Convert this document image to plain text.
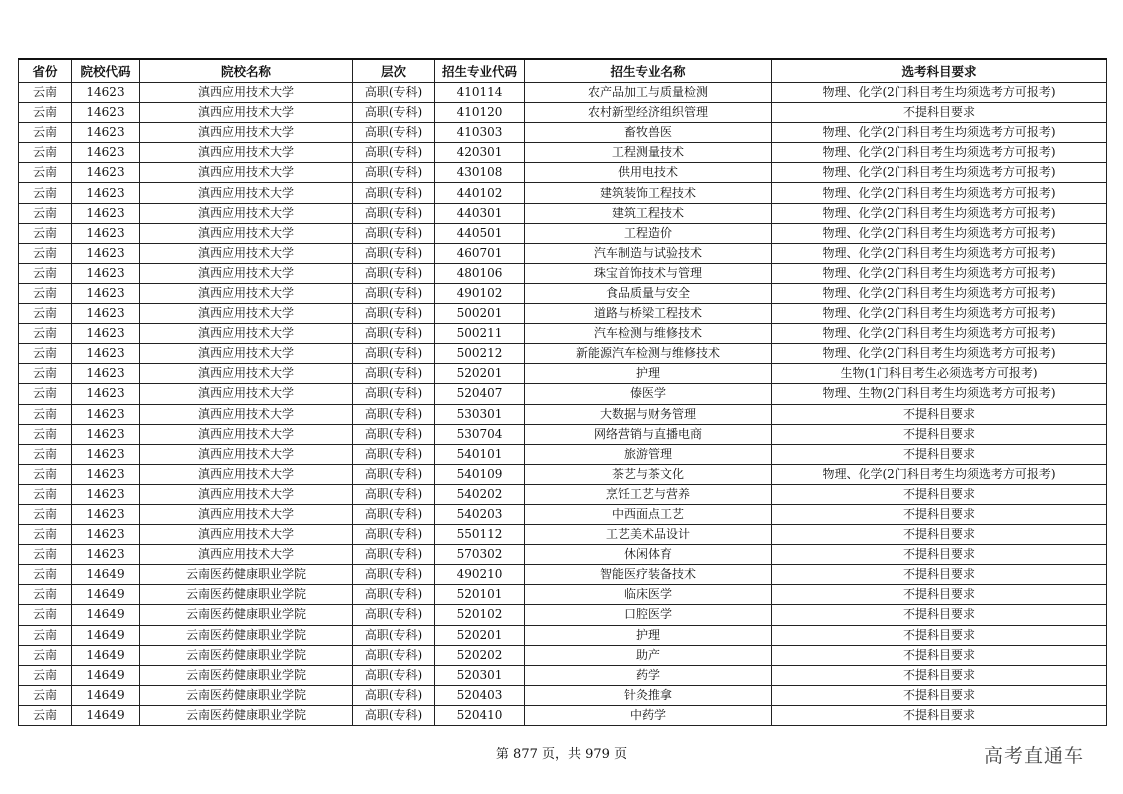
省份	院校代码	院校名称	层次	招生专业代码	招生专业名称	选考科目要求
云南	14623	滇西应用技术大学	高职(专科)	410114	农产品加工与质量检测	物理、化学(2门科目考生均须选考方可报考)
云南	14623	滇西应用技术大学	高职(专科)	410120	农村新型经济组织管理	不提科目要求
云南	14623	滇西应用技术大学	高职(专科)	410303	畜牧兽医	物理、化学(2门科目考生均须选考方可报考)
云南	14623	滇西应用技术大学	高职(专科)	420301	工程测量技术	物理、化学(2门科目考生均须选考方可报考)
云南	14623	滇西应用技术大学	高职(专科)	430108	供用电技术	物理、化学(2门科目考生均须选考方可报考)
云南	14623	滇西应用技术大学	高职(专科)	440102	建筑装饰工程技术	物理、化学(2门科目考生均须选考方可报考)
云南	14623	滇西应用技术大学	高职(专科)	440301	建筑工程技术	物理、化学(2门科目考生均须选考方可报考)
云南	14623	滇西应用技术大学	高职(专科)	440501	工程造价	物理、化学(2门科目考生均须选考方可报考)
云南	14623	滇西应用技术大学	高职(专科)	460701	汽车制造与试验技术	物理、化学(2门科目考生均须选考方可报考)
云南	14623	滇西应用技术大学	高职(专科)	480106	珠宝首饰技术与管理	物理、化学(2门科目考生均须选考方可报考)
云南	14623	滇西应用技术大学	高职(专科)	490102	食品质量与安全	物理、化学(2门科目考生均须选考方可报考)
云南	14623	滇西应用技术大学	高职(专科)	500201	道路与桥梁工程技术	物理、化学(2门科目考生均须选考方可报考)
云南	14623	滇西应用技术大学	高职(专科)	500211	汽车检测与维修技术	物理、化学(2门科目考生均须选考方可报考)
云南	14623	滇西应用技术大学	高职(专科)	500212	新能源汽车检测与维修技术	物理、化学(2门科目考生均须选考方可报考)
云南	14623	滇西应用技术大学	高职(专科)	520201	护理	生物(1门科目考生必须选考方可报考)
云南	14623	滇西应用技术大学	高职(专科)	520407	傣医学	物理、生物(2门科目考生均须选考方可报考)
云南	14623	滇西应用技术大学	高职(专科)	530301	大数据与财务管理	不提科目要求
云南	14623	滇西应用技术大学	高职(专科)	530704	网络营销与直播电商	不提科目要求
云南	14623	滇西应用技术大学	高职(专科)	540101	旅游管理	不提科目要求
云南	14623	滇西应用技术大学	高职(专科)	540109	茶艺与茶文化	物理、化学(2门科目考生均须选考方可报考)
云南	14623	滇西应用技术大学	高职(专科)	540202	烹饪工艺与营养	不提科目要求
云南	14623	滇西应用技术大学	高职(专科)	540203	中西面点工艺	不提科目要求
云南	14623	滇西应用技术大学	高职(专科)	550112	工艺美术品设计	不提科目要求
云南	14623	滇西应用技术大学	高职(专科)	570302	休闲体育	不提科目要求
云南	14649	云南医药健康职业学院	高职(专科)	490210	智能医疗装备技术	不提科目要求
云南	14649	云南医药健康职业学院	高职(专科)	520101	临床医学	不提科目要求
云南	14649	云南医药健康职业学院	高职(专科)	520102	口腔医学	不提科目要求
云南	14649	云南医药健康职业学院	高职(专科)	520201	护理	不提科目要求
云南	14649	云南医药健康职业学院	高职(专科)	520202	助产	不提科目要求
云南	14649	云南医药健康职业学院	高职(专科)	520301	药学	不提科目要求
云南	14649	云南医药健康职业学院	高职(专科)	520403	针灸推拿	不提科目要求
云南	14649	云南医药健康职业学院	高职(专科)	520410	中药学	不提科目要求
第 877 页，共 979 页	高考直通车
